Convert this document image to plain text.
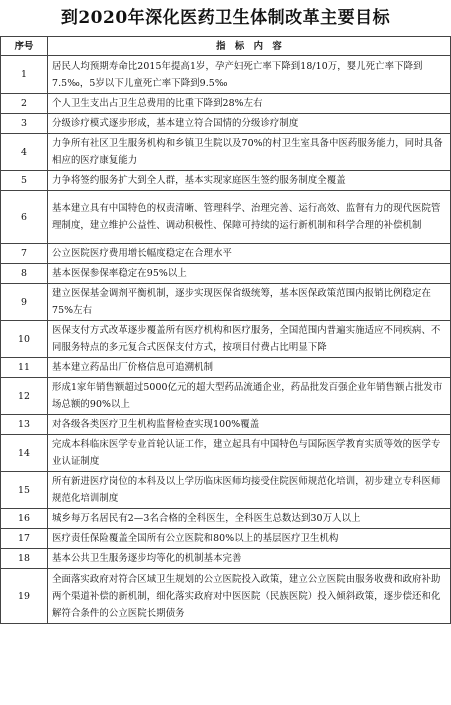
到2020年深化医药卫生体制改革主要目标
序号	指　标　内　容
1	居民人均预期寿命比2015年提高1岁，孕产妇死亡率下降到18/10万，婴儿死亡率下降到7.5‰，5岁以下儿童死亡率下降到9.5‰
2	个人卫生支出占卫生总费用的比重下降到28%左右
3	分级诊疗模式逐步形成，基本建立符合国情的分级诊疗制度
4	力争所有社区卫生服务机构和乡镇卫生院以及70%的村卫生室具备中医药服务能力，同时具备相应的医疗康复能力
5	力争将签约服务扩大到全人群，基本实现家庭医生签约服务制度全覆盖
6	基本建立具有中国特色的权责清晰、管理科学、治理完善、运行高效、监督有力的现代医院管理制度，建立维护公益性、调动积极性、保障可持续的运行新机制和科学合理的补偿机制
7	公立医院医疗费用增长幅度稳定在合理水平
8	基本医保参保率稳定在95%以上
9	建立医保基金调剂平衡机制，逐步实现医保省级统筹，基本医保政策范围内报销比例稳定在75%左右
10	医保支付方式改革逐步覆盖所有医疗机构和医疗服务，全国范围内普遍实施适应不同疾病、不同服务特点的多元复合式医保支付方式，按项目付费占比明显下降
11	基本建立药品出厂价格信息可追溯机制
12	形成1家年销售额超过5000亿元的超大型药品流通企业，药品批发百强企业年销售额占批发市场总额的90%以上
13	对各级各类医疗卫生机构监督检查实现100%覆盖
14	完成本科临床医学专业首轮认证工作，建立起具有中国特色与国际医学教育实质等效的医学专业认证制度
15	所有新进医疗岗位的本科及以上学历临床医师均接受住院医师规范化培训，初步建立专科医师规范化培训制度
16	城乡每万名居民有2—3名合格的全科医生，全科医生总数达到30万人以上
17	医疗责任保险覆盖全国所有公立医院和80%以上的基层医疗卫生机构
18	基本公共卫生服务逐步均等化的机制基本完善
19	全面落实政府对符合区域卫生规划的公立医院投入政策，建立公立医院由服务收费和政府补助两个渠道补偿的新机制，细化落实政府对中医医院（民族医院）投入倾斜政策，逐步偿还和化解符合条件的公立医院长期债务
